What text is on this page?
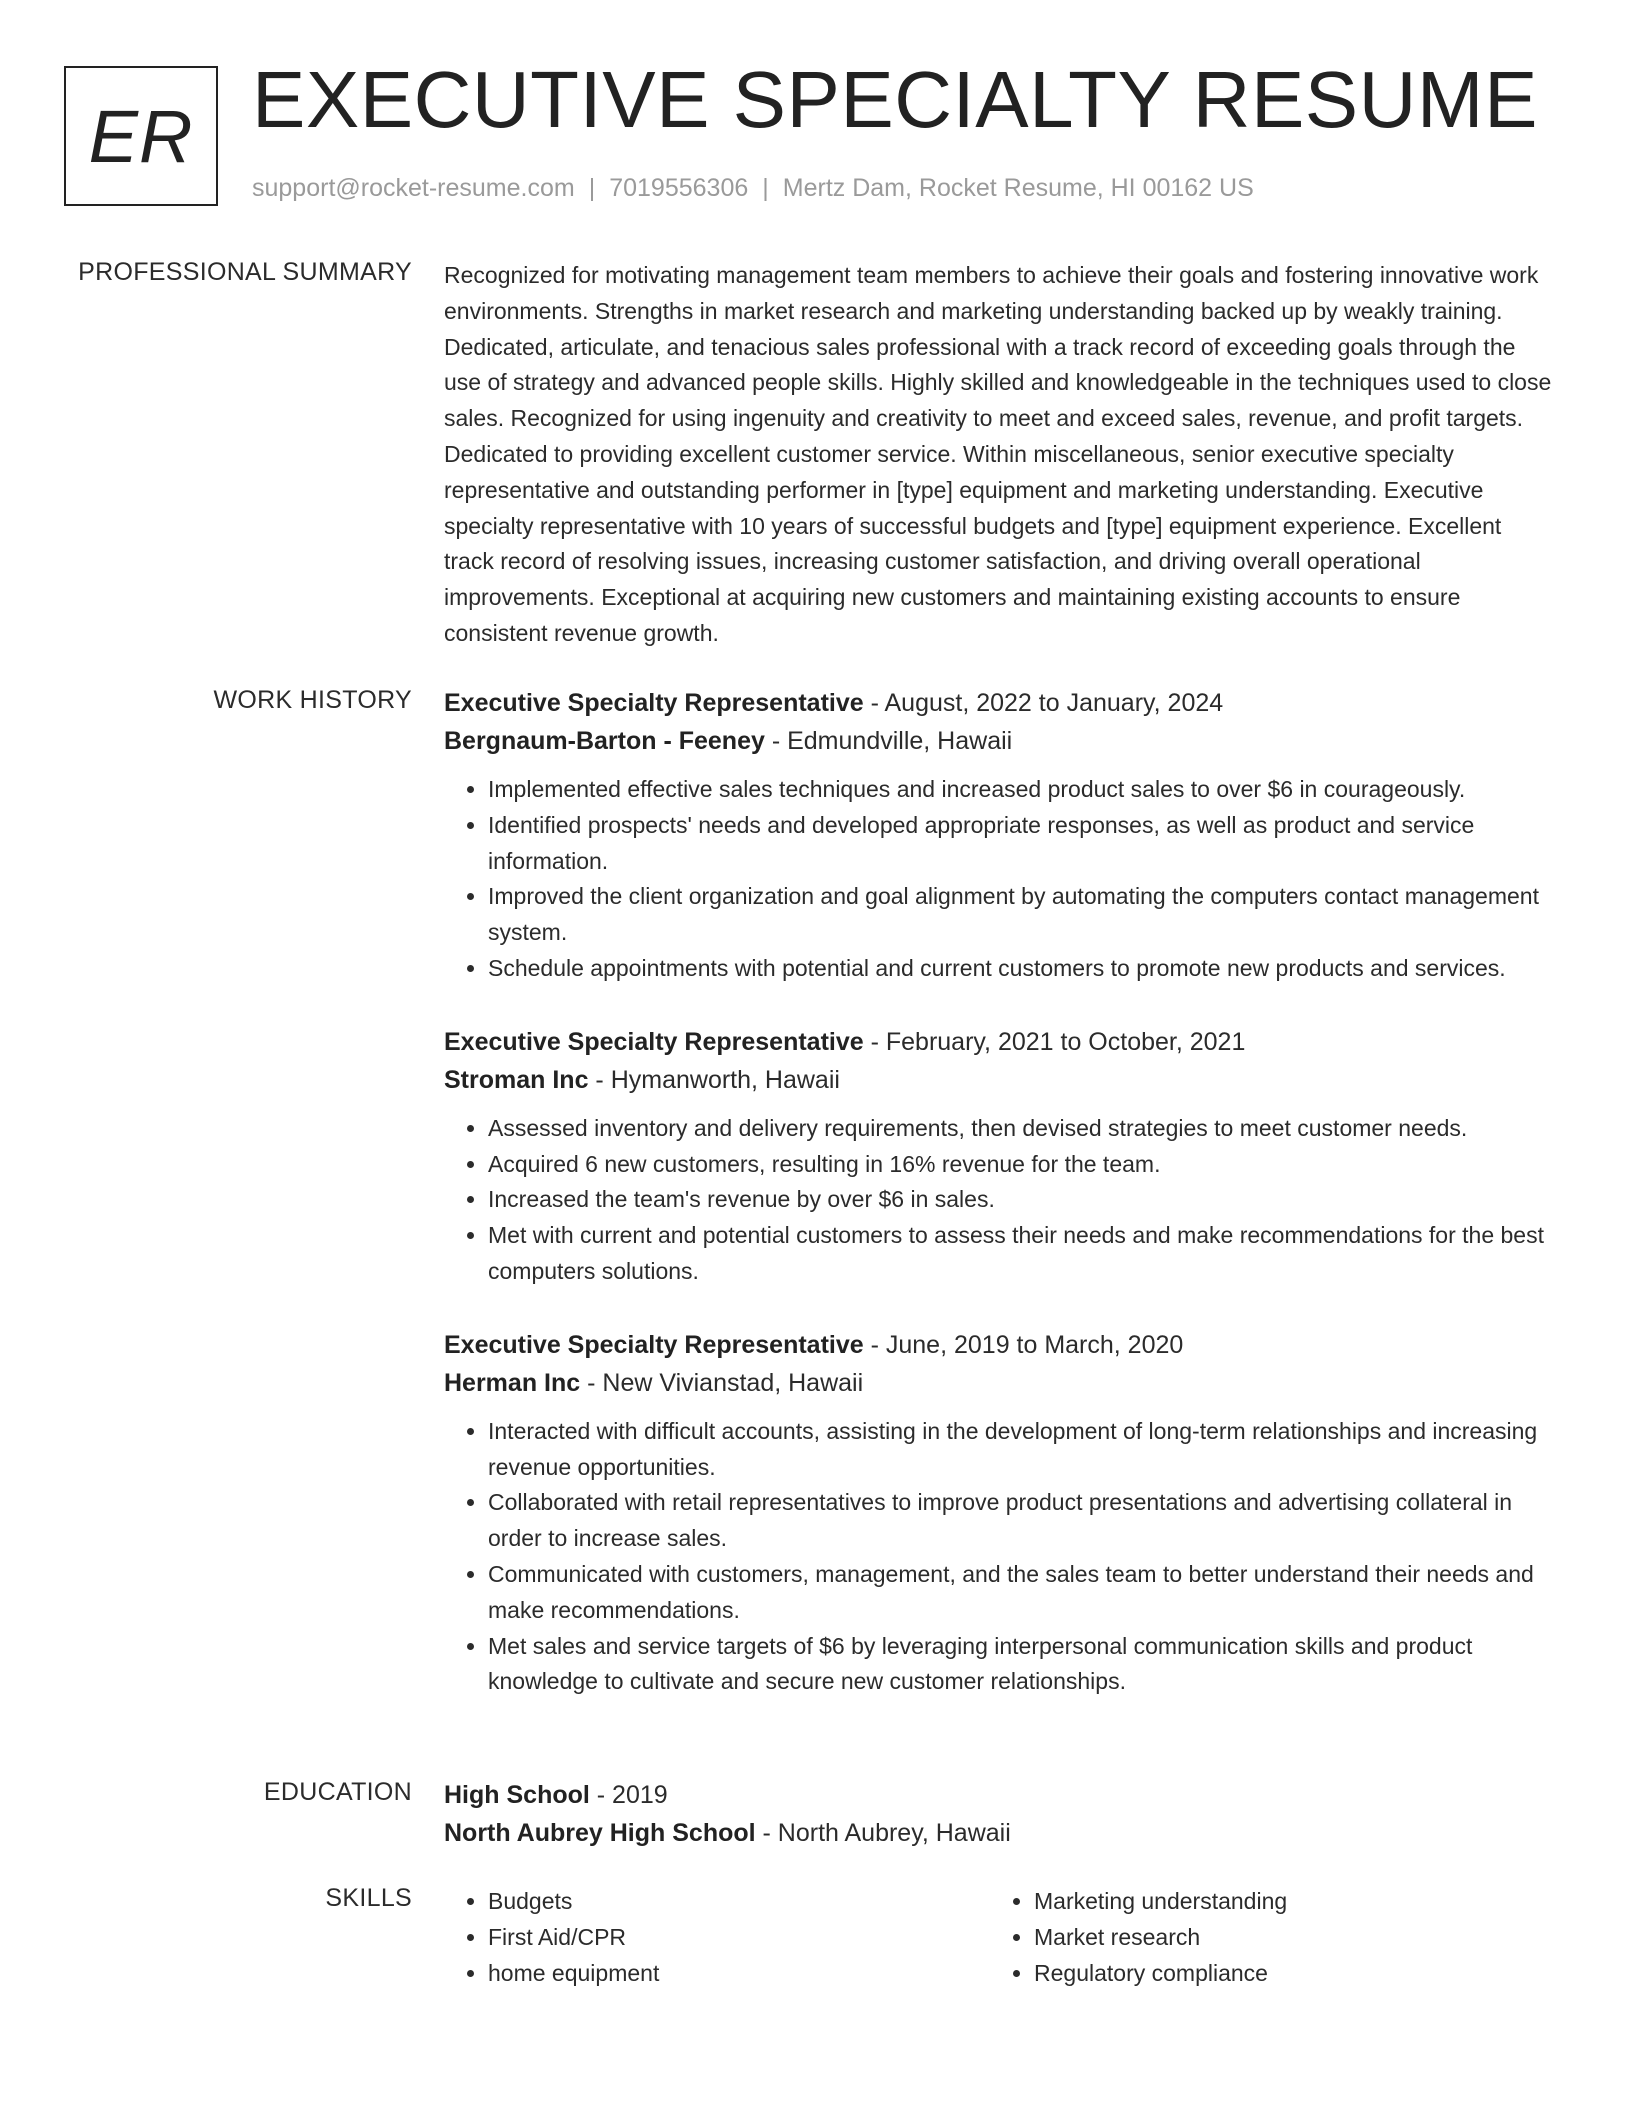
ER EXECUTIVE SPECIALTY RESUME
support@rocket-resume.com | 7019556306 | Mertz Dam, Rocket Resume, HI 00162 US
PROFESSIONAL SUMMARY Recognized for motivating management team members to achieve their goals and fostering innovative work environments. Strengths in market research and marketing understanding backed up by weakly training. Dedicated, articulate, and tenacious sales professional with a track record of exceeding goals through the use of strategy and advanced people skills. Highly skilled and knowledgeable in the techniques used to close sales. Recognized for using ingenuity and creativity to meet and exceed sales, revenue, and profit targets. Dedicated to providing excellent customer service. Within miscellaneous, senior executive specialty representative and outstanding performer in [type] equipment and marketing understanding. Executive specialty representative with 10 years of successful budgets and [type] equipment experience. Excellent track record of resolving issues, increasing customer satisfaction, and driving overall operational improvements. Exceptional at acquiring new customers and maintaining existing accounts to ensure consistent revenue growth.

WORK HISTORY Executive Specialty Representative - August, 2022 to January, 2024
Bergnaum-Barton - Feeney - Edmundville, Hawaii
• Implemented effective sales techniques and increased product sales to over $6 in courageously.
• Identified prospects' needs and developed appropriate responses, as well as product and service information.
• Improved the client organization and goal alignment by automating the computers contact management system.
• Schedule appointments with potential and current customers to promote new products and services.
Executive Specialty Representative - February, 2021 to October, 2021
Stroman Inc - Hymanworth, Hawaii
• Assessed inventory and delivery requirements, then devised strategies to meet customer needs.
• Acquired 6 new customers, resulting in 16% revenue for the team.
• Increased the team's revenue by over $6 in sales.
• Met with current and potential customers to assess their needs and make recommendations for the best computers solutions.
Executive Specialty Representative - June, 2019 to March, 2020
Herman Inc - New Vivianstad, Hawaii
• Interacted with difficult accounts, assisting in the development of long-term relationships and increasing revenue opportunities.
• Collaborated with retail representatives to improve product presentations and advertising collateral in order to increase sales.
• Communicated with customers, management, and the sales team to better understand their needs and make recommendations.
• Met sales and service targets of $6 by leveraging interpersonal communication skills and product knowledge to cultivate and secure new customer relationships.
EDUCATION High School - 2019
North Aubrey High School - North Aubrey, Hawaii
SKILLS
•	Budgets
• First Aid/CPR
• home equipment
• Marketing understanding
• Market research
• Regulatory compliance
